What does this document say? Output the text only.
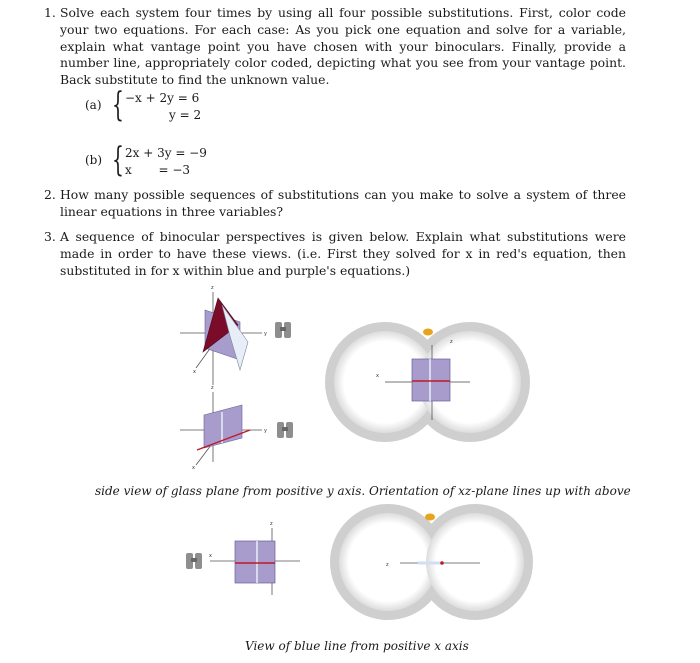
1. Solve each system four times by using all four possible substitutions. First, color code your two equations. For each case: As you pick one equation and solve for a variable, explain what vantage point you have chosen with your binoculars. Finally, provide a number line, appropriately color coded, depicting what you see from your vantage point. Back substitute to find the unknown value.
(a) { −x + 2y = 6
y = 2
(b) { 2x + 3y = −9
x       = −3
2. How many possible sequences of substitutions can you make to solve a system of three linear equations in three variables?
3. A sequence of binocular perspectives is given below. Explain what substitutions were made in order to have these views. (i.e. First they solved for x in red's equation, then substituted in for x within blue and purple's equations.)
z
y
x
z
y
x
x
z
z
x
z
side view of glass plane from positive y axis. Orientation of xz-plane lines up with above
View of blue line from positive x axis
